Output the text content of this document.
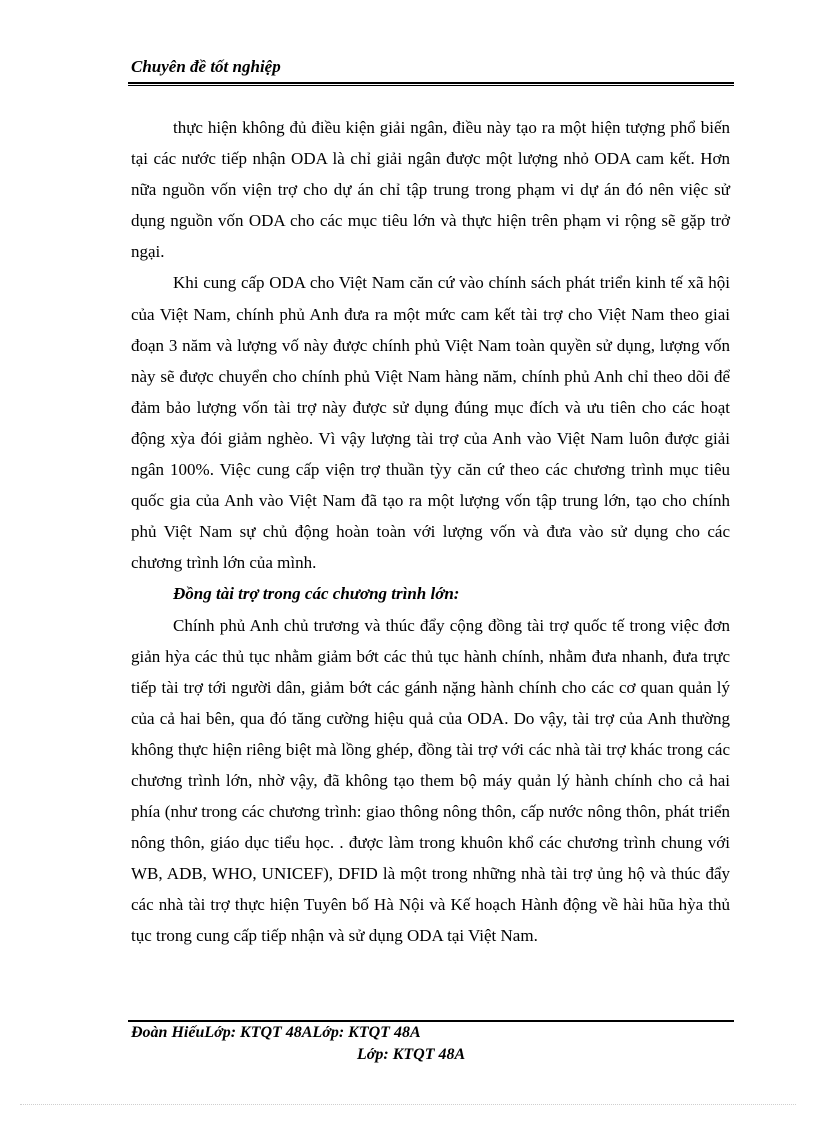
Chuyên đề tốt nghiệp

thực hiện không đủ điều kiện giải ngân, điều này tạo ra một hiện tượng phổ biến tại các nước tiếp nhận ODA là chỉ giải ngân được một lượng nhỏ ODA cam kết. Hơn nữa nguồn vốn viện trợ cho dự án chỉ tập trung trong phạm vi dự án đó nên việc sử dụng nguồn vốn ODA cho các mục tiêu lớn và thực hiện trên phạm vi rộng sẽ gặp trở ngại.

Khi cung cấp ODA cho Việt Nam căn cứ vào chính sách phát triển kinh tế xã hội của Việt Nam, chính phủ Anh đưa ra một mức cam kết tài trợ cho Việt Nam theo giai đoạn 3 năm và lượng vố này được chính phủ Việt Nam toàn quyền sử dụng, lượng vốn này sẽ được chuyển cho chính phủ Việt Nam hàng năm, chính phủ Anh chỉ theo dõi để đảm bảo lượng vốn tài trợ này được sử dụng đúng mục đích và ưu tiên cho các hoạt động xỳa đói giảm nghèo. Vì vậy lượng tài trợ của Anh vào Việt Nam luôn được giải ngân 100%. Việc cung cấp viện trợ thuần tỳy căn cứ theo các chương trình mục tiêu quốc gia của Anh vào Việt Nam đã tạo ra một lượng vốn tập trung lớn, tạo cho chính phủ Việt Nam sự chủ động hoàn toàn với lượng vốn và đưa vào sử dụng cho các chương trình lớn của mình.

Đồng tài trợ trong các chương trình lớn:

Chính phủ Anh chủ trương và thúc đẩy cộng đồng tài trợ quốc tế trong việc đơn giản hỳa các thủ tục nhằm giảm bớt các thủ tục hành chính, nhằm đưa nhanh, đưa trực tiếp tài trợ tới người dân, giảm bớt các gánh nặng hành chính cho các cơ quan quản lý của cả hai bên, qua đó tăng cường hiệu quả của ODA. Do vậy, tài trợ của Anh thường không thực hiện riêng biệt mà lồng ghép, đồng tài trợ với các nhà tài trợ khác trong các chương trình lớn, nhờ vậy, đã không tạo them bộ máy quản lý hành chính cho cả hai phía (như trong các chương trình: giao thông nông thôn, cấp nước nông thôn, phát triển nông thôn, giáo dục tiểu học. . được làm trong khuôn khổ các chương trình chung với WB, ADB, WHO, UNICEF), DFID là một trong những nhà tài trợ ủng hộ và thúc đẩy các nhà tài trợ thực hiện Tuyên bố Hà Nội và Kế hoạch Hành động về hài hũa hỳa thủ tục trong cung cấp tiếp nhận và sử dụng ODA tại Việt Nam.

Đoàn HiếuLớp: KTQT 48ALớp: KTQT 48A
Lớp: KTQT 48A
